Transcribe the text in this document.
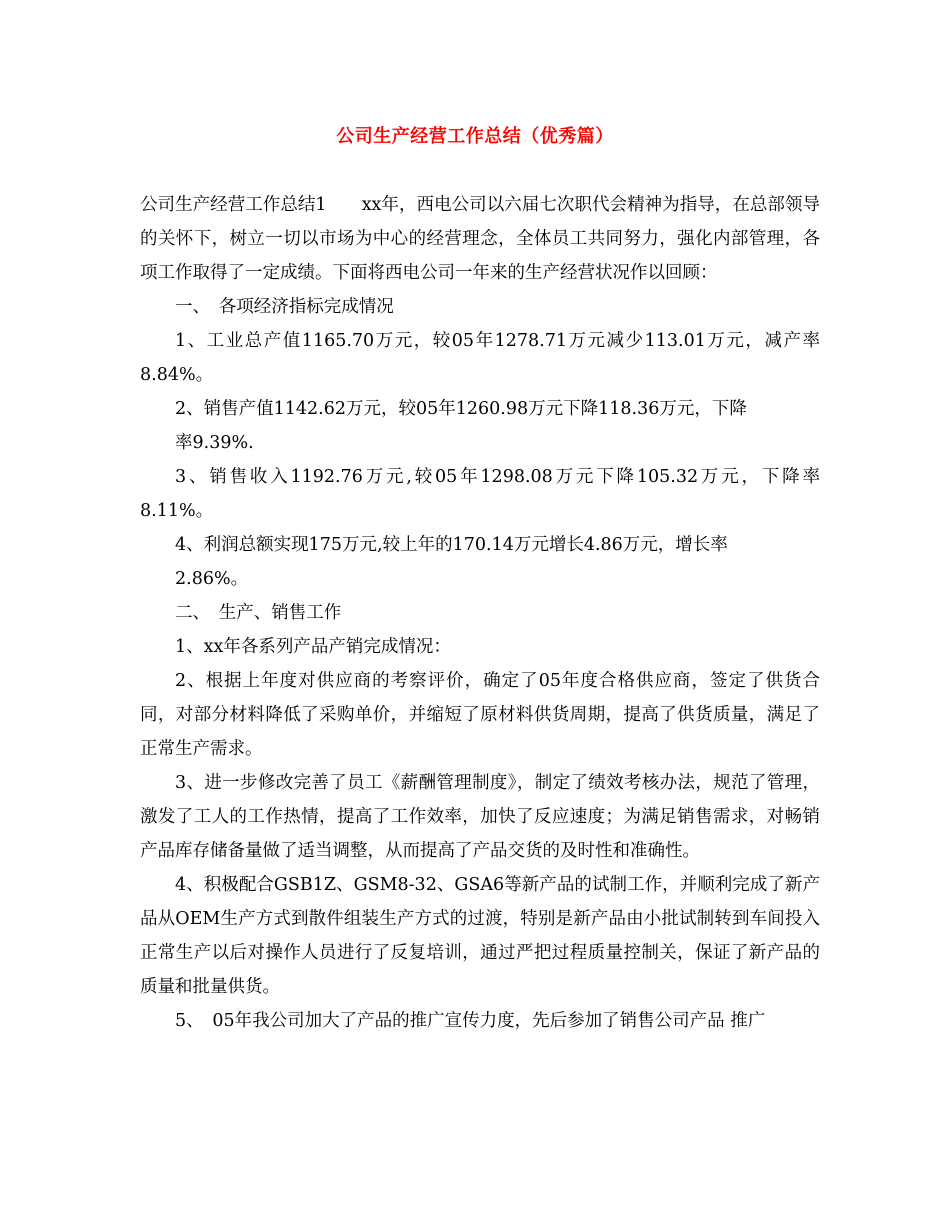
公司生产经营工作总结（优秀篇）

公司生产经营工作总结1　　xx年，西电公司以六届七次职代会精神为指导，在总部领导的关怀下，树立一切以市场为中心的经营理念，全体员工共同努力，强化内部管理，各项工作取得了一定成绩。下面将西电公司一年来的生产经营状况作以回顾：

一、　各项经济指标完成情况

1、工业总产值1165.70万元，较05年1278.71万元减少113.01万元，减产率8.84%。

2、销售产值1142.62万元，较05年1260.98万元下降118.36万元，下降

率9.39%.

3、销售收入1192.76万元,较05年1298.08万元下降105.32万元，下降率8.11%。

4、利润总额实现175万元,较上年的170.14万元增长4.86万元，增长率

2.86%。

二、　生产、销售工作

1、xx年各系列产品产销完成情况：

2、根据上年度对供应商的考察评价，确定了05年度合格供应商，签定了供货合同，对部分材料降低了采购单价，并缩短了原材料供货周期，提高了供货质量，满足了正常生产需求。

3、进一步修改完善了员工《薪酬管理制度》，制定了绩效考核办法，规范了管理，激发了工人的工作热情，提高了工作效率，加快了反应速度；为满足销售需求，对畅销产品库存储备量做了适当调整，从而提高了产品交货的及时性和准确性。

4、积极配合GSB1Z、GSM8-32、GSA6等新产品的试制工作，并顺利完成了新产品从OEM生产方式到散件组装生产方式的过渡，特别是新产品由小批试制转到车间投入正常生产以后对操作人员进行了反复培训，通过严把过程质量控制关，保证了新产品的质量和批量供货。

5、　05年我公司加大了产品的推广宣传力度，先后参加了销售公司产品 推广
